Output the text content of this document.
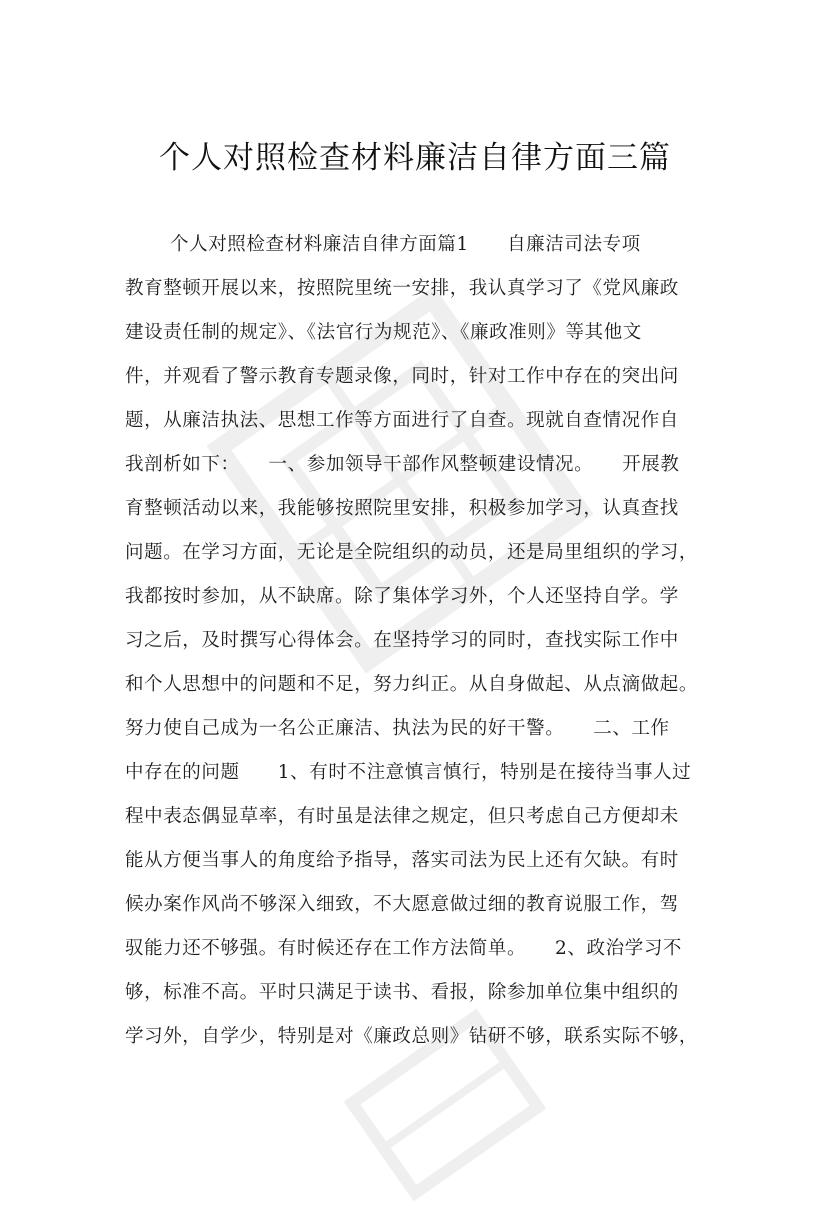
个人对照检查材料廉洁自律方面三篇
个人对照检查材料廉洁自律方面篇1　　自廉洁司法专项
教育整顿开展以来，按照院里统一安排，我认真学习了《党风廉政
建设责任制的规定》、《法官行为规范》、《廉政准则》等其他文
件，并观看了警示教育专题录像，同时，针对工作中存在的突出问
题，从廉洁执法、思想工作等方面进行了自查。现就自查情况作自
我剖析如下：　　一、参加领导干部作风整顿建设情况。　　开展教
育整顿活动以来，我能够按照院里安排，积极参加学习，认真查找
问题。在学习方面，无论是全院组织的动员，还是局里组织的学习，
我都按时参加，从不缺席。除了集体学习外，个人还坚持自学。学
习之后，及时撰写心得体会。在坚持学习的同时，查找实际工作中
和个人思想中的问题和不足，努力纠正。从自身做起、从点滴做起。
努力使自己成为一名公正廉洁、执法为民的好干警。　　二、工作
中存在的问题　　1、有时不注意慎言慎行，特别是在接待当事人过
程中表态偶显草率，有时虽是法律之规定，但只考虑自己方便却未
能从方便当事人的角度给予指导，落实司法为民上还有欠缺。有时
候办案作风尚不够深入细致，不大愿意做过细的教育说服工作，驾
驭能力还不够强。有时候还存在工作方法简单。　　2、政治学习不
够，标准不高。平时只满足于读书、看报，除参加单位集中组织的
学习外，自学少，特别是对《廉政总则》钻研不够，联系实际不够，
